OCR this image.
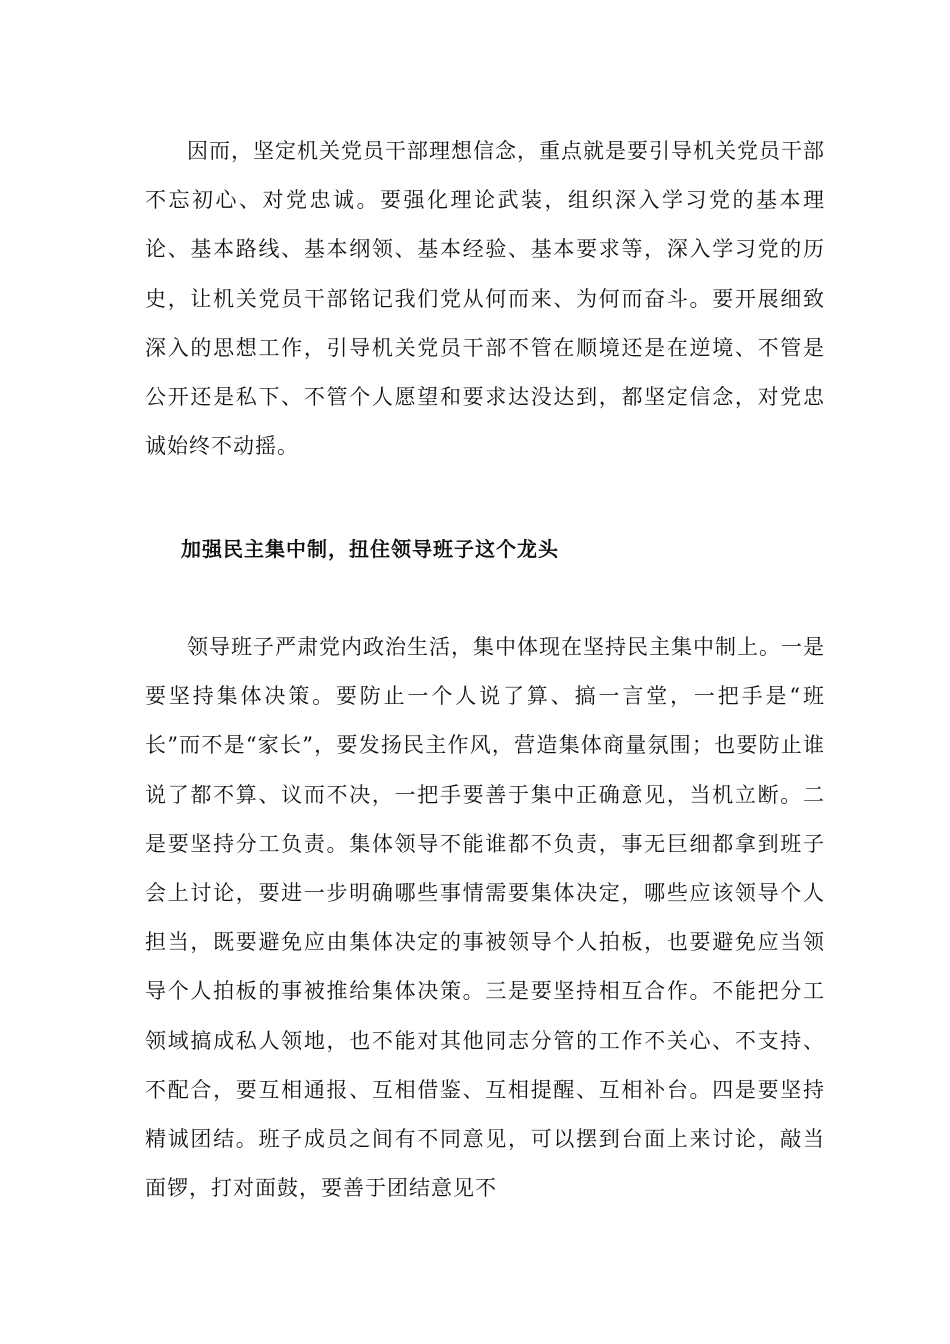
因而，坚定机关党员干部理想信念，重点就是要引导机关党员干部不忘初心、对党忠诚。要强化理论武装，组织深入学习党的基本理论、基本路线、基本纲领、基本经验、基本要求等，深入学习党的历史，让机关党员干部铭记我们党从何而来、为何而奋斗。要开展细致深入的思想工作，引导机关党员干部不管在顺境还是在逆境、不管是公开还是私下、不管个人愿望和要求达没达到，都坚定信念，对党忠诚始终不动摇。

加强民主集中制，扭住领导班子这个龙头

领导班子严肃党内政治生活，集中体现在坚持民主集中制上。一是要坚持集体决策。要防止一个人说了算、搞一言堂，一把手是“班长”而不是“家长”，要发扬民主作风，营造集体商量氛围；也要防止谁说了都不算、议而不决，一把手要善于集中正确意见，当机立断。二是要坚持分工负责。集体领导不能谁都不负责，事无巨细都拿到班子会上讨论，要进一步明确哪些事情需要集体决定，哪些应该领导个人担当，既要避免应由集体决定的事被领导个人拍板，也要避免应当领导个人拍板的事被推给集体决策。三是要坚持相互合作。不能把分工领域搞成私人领地，也不能对其他同志分管的工作不关心、不支持、不配合，要互相通报、互相借鉴、互相提醒、互相补台。四是要坚持精诚团结。班子成员之间有不同意见，可以摆到台面上来讨论，敲当面锣，打对面鼓，要善于团结意见不
